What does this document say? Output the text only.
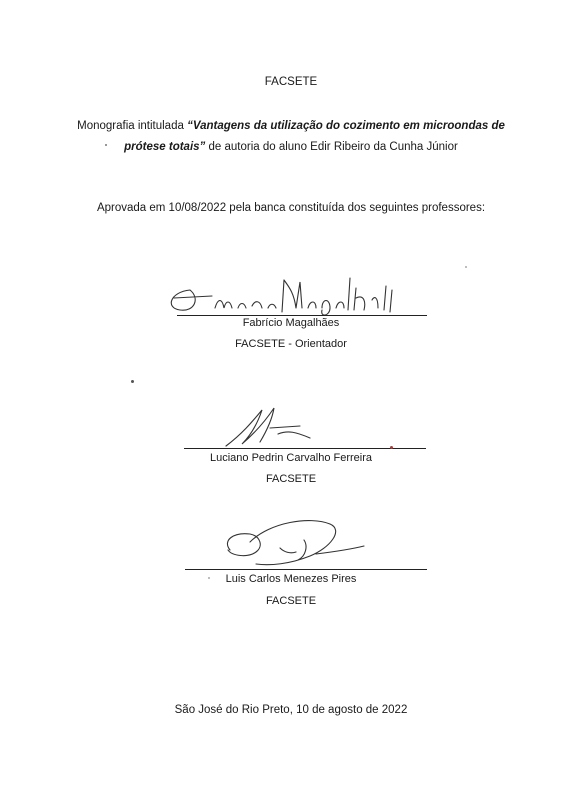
FACSETE
Monografia intitulada “Vantagens da utilização do cozimento em microondas de prótese totais” de autoria do aluno Edir Ribeiro da Cunha Júnior
Aprovada em 10/08/2022 pela banca constituída dos seguintes professores:
Fabrício Magalhães
FACSETE - Orientador
Luciano Pedrin Carvalho Ferreira
FACSETE
Luis Carlos Menezes Pires
FACSETE
São José do Rio Preto, 10 de agosto de 2022
